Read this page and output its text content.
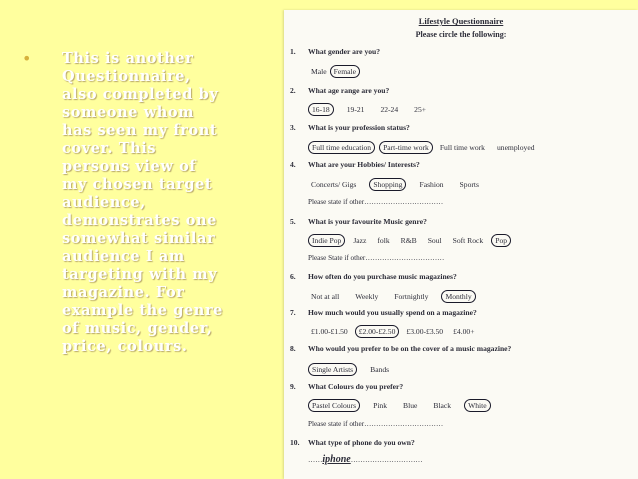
•	This is another
Questionnaire,
also completed by
someone whom
has seen my front
cover. This
persons view of
my chosen target
audience,
demonstrates one
somewhat similar
audience I am
targeting with my
magazine. For
example the genre
of music, gender,
price, colours.
Lifestyle Questionnaire
Please circle the following:
1. What gender are you?
Male Female
2. What age range are you?
16-18 19-21 22-24 25+
3. What is your profession status?
Full time education Part-time work Full time work unemployed
4. What are your Hobbies/ Interests?
Concerts/ Gigs Shopping Fashion Sports
Please state if other……………………………
5. What is your favourite Music genre?
Indie Pop Jazz folk R&B Soul Soft Rock Pop
Please State if other……………………………
6. How often do you purchase music magazines?
Not at all Weekly Fortnightly Monthly
7. How much would you usually spend on a magazine?
£1.00-£1.50 £2.00-£2.50 £3.00-£3.50 £4.00+
8. Who would you prefer to be on the cover of a music magazine?
Single Artists Bands
9. What Colours do you prefer?
Pastel Colours Pink Blue Black White
Please state if other……………………………
10. What type of phone do you own?
……iphone…………………………
